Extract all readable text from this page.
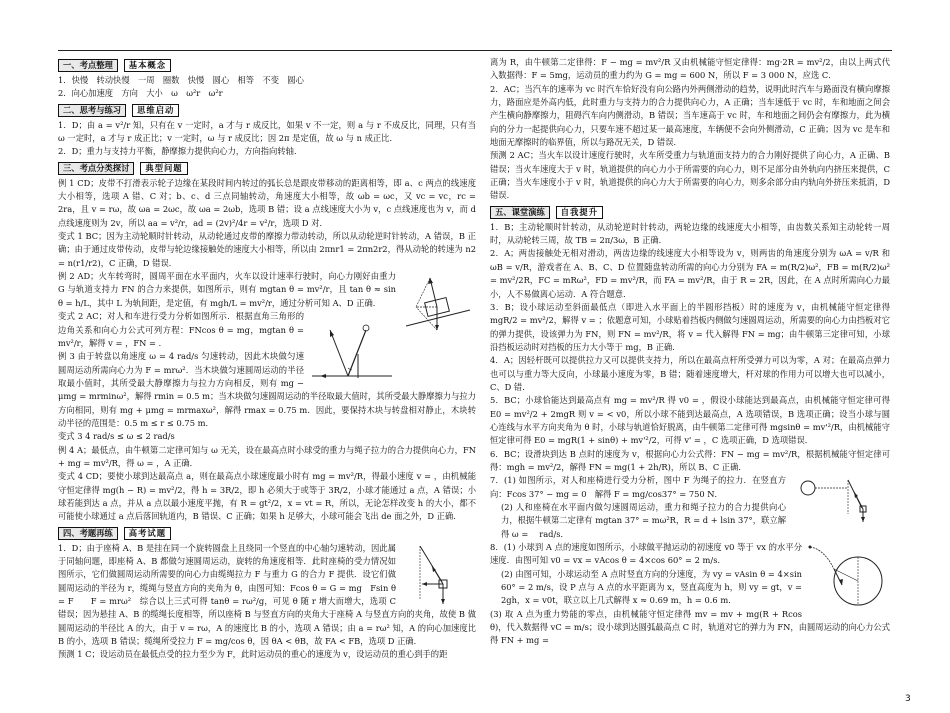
一、考点整理	基本概念

1．快慢　转动快慢　一周　圈数　快慢　圆心　相等　不变　圆心

2．向心加速度　方向　大小　ω　ω²r　ω²r

二、思考与练习	思维启动

1．D；由 a = v²/r 知，只有在 v 一定时，a 才与 r 成反比，如果 v 不一定，则 a 与 r 不成反比，同理，只有当 ω 一定时，a 才与 r 成正比；v 一定时，ω 与 r 成反比；因 2π 是定值，故 ω 与 n 成正比．

2．D；重力与支持力平衡，静摩擦力提供向心力，方向指向转轴．

三、考点分类探讨	典型问题

例 1 CD；皮带不打滑表示轮子边缘在某段时间内转过的弧长总是跟皮带移动的距离相等，即 a、c 两点的线速度大小相等，选项 A 错、C 对；b、c、d 三点同轴转动，角速度大小相等，故 ωb = ωc，又 vc = vc，rc = 2ra，且 v = rω，故 ωa = 2ωc，故 ωa = 2ωb，选项 B 错；设 a 点线速度大小为 v，c 点线速度也为 v，而 d 点线速度则为 2v，所以 aa = v²/r，ad = (2v)²/4r = v²/r，选项 D 对．

变式 1 BC；因为主动轮顺时针转动，从动轮通过皮带的摩擦力带动转动，所以从动轮逆时针转动，A 错误，B 正确；由于通过皮带传动，皮带与轮边缘接触处的速度大小相等，所以由 2πnr1 = 2πn2r2，得从动轮的转速为 n2 = n(r1/r2)，C 正确，D 错误．

例 2 AD；火车转弯时，圆周平面在水平面内，火车以设计速率行驶时，向心力刚好由重力 G 与轨道支持力 FN 的合力来提供，如图所示，则有 mgtan θ = mv²/r，且 tan θ ≈ sin θ = h/L，其中 L 为轨间距，是定值，有 mgh/L = mv²/r，通过分析可知 A、D 正确．

变式 2 AC；对人和车进行受力分析如图所示．根据直角三角形的边角关系和向心力公式可列方程：FNcos θ = mg，mgtan θ = mv²/r，解得 v = ，FN = ．

例 3 由于转盘以角速度 ω = 4 rad/s 匀速转动，因此木块做匀速圆周运动所需向心力为 F = mrω²．当木块做匀速圆周运动的半径取最小值时，其所受最大静摩擦力与拉力方向相反，则有 mg − μmg = mrminω²，解得 rmin = 0.5 m；当木块做匀速圆周运动的半径取最大值时，其所受最大静摩擦力与拉力方向相同，则有 mg + μmg = mrmaxω²，解得 rmax = 0.75 m．因此，要保持木块与转盘相对静止，木块转动半径的范围是：0.5 m ≤ r ≤ 0.75 m．

变式 3 4 rad/s ≤ ω ≤ 2 rad/s

例 4 A；最低点，由牛顿第二定律可知与 ω 无关，设在最高点时小球受的重力与绳子拉力的合力提供向心力，FN + mg = mv²/R，得 ω = ，A 正确．

变式 4 CD；要使小球到达最高点 a，则在最高点小球速度最小时有 mg = mv²/R，得最小速度 v = ，由机械能守恒定律得 mg(h − R) = mv²/2，得 h = 3R/2，即 h 必须大于或等于 3R/2，小球才能通过 a 点，A 错误；小球若能到达 a 点，并从 a 点以最小速度平抛，有 R = gt²/2，x = vt = R，所以，无论怎样改变 h 的大小，都不可能使小球通过 a 点后落回轨道内，B 错误、C 正确；如果 h 足够大，小球可能会飞出 de 面之外，D 正确．

四、考题再练	高考试题

1．D；由于座椅 A、B 是挂在同一个旋转圆盘上且绕同一个竖直的中心轴匀速转动，因此属于同轴问题，即座椅 A、B 都做匀速圆周运动，旋转的角速度相等．此时座椅的受力情况如图所示，它们做圆周运动所需要的向心力由缆绳拉力 F 与重力 G 的合力 F 提供．设它们做圆周运动的半径为 r，缆绳与竖直方向的夹角为 θ，由图可知：Fcos θ = G = mg　Fsin θ = F　　F = mrω²　综合以上三式可得 tanθ = rω²/g，可见 θ 随 r 增大而增大，选项 C 错误；因为悬挂 A、B 的缆绳长度相等，所以座椅 B 与竖直方向的夹角大于座椅 A 与竖直方向的夹角，故使 B 做圆周运动的半径比 A 的大，由于 v = rω，A 的速度比 B 的小，选项 A 错误；由 a = rω² 知，A 的向心加速度比 B 的小，选项 B 错误；缆绳所受拉力 F = mg/cos θ，因 θA < θB，故 FA < FB，选项 D 正确．

预测 1 C；设运动员在最低点受的拉力至少为 F，此时运动员的重心的速度为 v，设运动员的重心到手的距

离为 R，由牛顿第二定律得：F − mg = mv²/R 又由机械能守恒定律得：mg·2R = mv²/2，由以上两式代入数据得：F = 5mg，运动员的重力约为 G = mg = 600 N，所以 F = 3 000 N，应选 C．

2．AC；当汽车的速率为 vc 时汽车恰好没有向公路内外两侧滑动的趋势，说明此时汽车与路面没有横向摩擦力，路面应是外高内低，此时重力与支持力的合力提供向心力，A 正确；当车速低于 vc 时，车和地面之间会产生横向静摩擦力，阻碍汽车向内侧滑动，B 错误；当车速高于 vc 时，车和地面之间仍会有摩擦力，此为横向的分力一起提供向心力，只要车速不超过某一最高速度，车辆便不会向外侧滑动，C 正确；因为 vc 是车和地面无摩擦时的临界值，所以与路况无关，D 错误．

预测 2 AC；当火车以设计速度行驶时，火车所受重力与轨道面支持力的合力刚好提供了向心力，A 正确、B 错误；当火车速度大于 v 时，轨道提供的向心力小于所需要的向心力，则不足部分由外轨向内挤压来提供，C 正确；当火车速度小于 v 时，轨道提供的向心力大于所需要的向心力，则多余部分由内轨向外挤压来抵消，D 错误．

五、课堂演练	自我提升

1．B；主动轮顺时针转动，从动轮逆时针转动，两轮边缘的线速度大小相等，由齿数关系知主动轮转一周时，从动轮转三周，故 TB = 2π/3ω，B 正确．

2．A；两齿接触处无相对滑动，两齿边缘的线速度大小相等设为 v，则两齿的角速度分别为 ωA = v/R 和 ωB = v/R，游戏者在 A、B、C、D 位置随盘转动所需的向心力分别为 FA = m(R/2)ω²，FB = m(R/2)ω² = mv²/2R，FC = mRω²，FD = mv²/R，而 FA = mv²/R，由于 R = 2R，因此，在 A 点时所需向心力最小，人不易做离心运动．A 符合题意．

3．B；设小球运动至斜面最低点（即进入水平面上的半圆形挡板）时的速度为 v，由机械能守恒定律得 mgR/2 = mv²/2，解得 v = ；依题意可知，小球贴着挡板内侧做匀速圆周运动，所需要的向心力由挡板对它的弹力提供，设该弹力为 FN，则 FN = mv²/R，将 v = 代入解得 FN = mg；由牛顿第三定律可知，小球沿挡板运动时对挡板的压力大小等于 mg，B 正确．

4．A；因轻杆既可以提供拉力又可以提供支持力，所以在最高点杆所受弹力可以为零，A 对；在最高点弹力也可以与重力等大反向，小球最小速度为零，B 错；随着速度增大，杆对球的作用力可以增大也可以减小，C、D 错．

5．BC；小球恰能达到最高点有 mg = mv²/R 得 v0 = ，假设小球能达到最高点，由机械能守恒定律可得 E0 = mv²/2 + 2mgR 则 v = < v0，所以小球不能到达最高点，A 选项错误，B 选项正确；设当小球与圆心连线与水平方向夹角为 θ 时，小球与轨道恰好脱离，由牛顿第二定律可得 mgsinθ = mv'²/R，由机械能守恒定律可得 E0 = mgR(1 + sinθ) + mv'²/2，可得 v' = ，C 选项正确，D 选项错误．

6．BC；设滑块到达 B 点时的速度为 v，根据向心力公式得：FN − mg = mv²/R，根据机械能守恒定律可得：mgh = mv²/2，解得 FN = mg(1 + 2h/R)，所以 B、C 正确．

7．(1) 如图所示，对人和座椅进行受力分析，图中 F 为绳子的拉力．在竖直方向：Fcos 37° − mg = 0　解得 F = mg/cos37° = 750 N．

(2) 人和座椅在水平面内做匀速圆周运动，重力和绳子拉力的合力提供向心力，根据牛顿第二定律有 mgtan 37° = mω²R，R = d + lsin 37°，联立解得 ω = 　rad/s．

8．(1) 小球到 A 点的速度如图所示，小球做平抛运动的初速度 v0 等于 vx 的水平分速度．由图可知 v0 = vx = vAcos θ = 4×cos 60° = 2 m/s．

(2) 由图可知，小球运动至 A 点时竖直方向的分速度，为 vy = vAsin θ = 4×sin 60° = 2 m/s，设 P 点与 A 点的水平距离为 x，竖直高度为 h，则 vy = gt，v = 2gh，x = v0t，联立以上几式解得 x ≈ 0.69 m，h = 0.6 m．

(3) 取 A 点为重力势能的零点，由机械能守恒定律得 mv = mv + mg(R + Rcos θ)，代入数据得 vC = m/s；设小球到达圆弧最高点 C 时，轨道对它的弹力为 FN，由圆周运动的向心力公式得 FN + mg =

3
